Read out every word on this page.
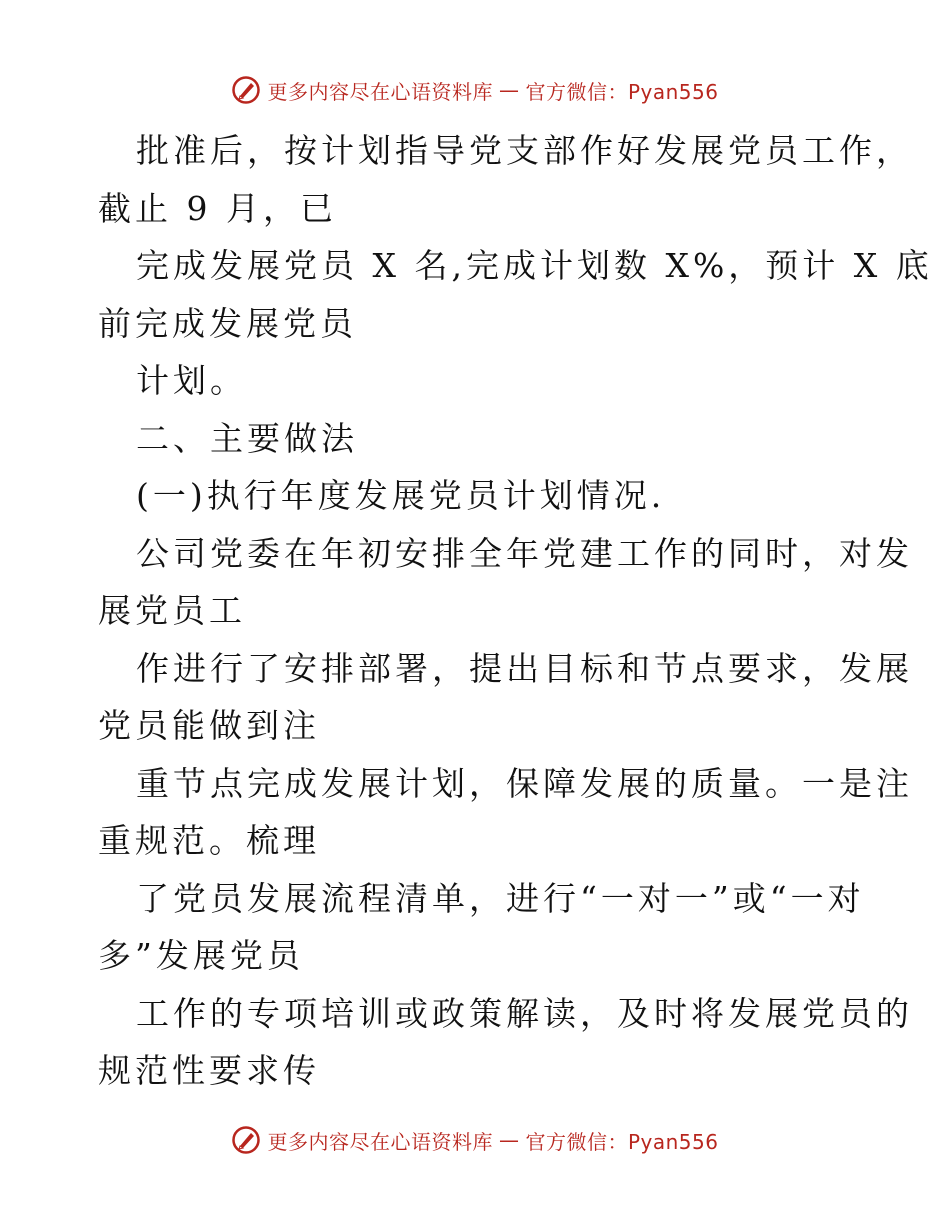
更多内容尽在心语资料库 — 官方微信：Pyan556
批准后，按计划指导党支部作好发展党员工作，
截止 9 月，已
完成发展党员 X 名,完成计划数 X%，预计 X 底
前完成发展党员
计划。
二、主要做法
(一)执行年度发展党员计划情况.
公司党委在年初安排全年党建工作的同时，对发
展党员工
作进行了安排部署，提出目标和节点要求，发展
党员能做到注
重节点完成发展计划，保障发展的质量。一是注
重规范。梳理
了党员发展流程清单，进行“一对一”或“一对
多”发展党员
工作的专项培训或政策解读，及时将发展党员的
规范性要求传
更多内容尽在心语资料库 — 官方微信：Pyan556
